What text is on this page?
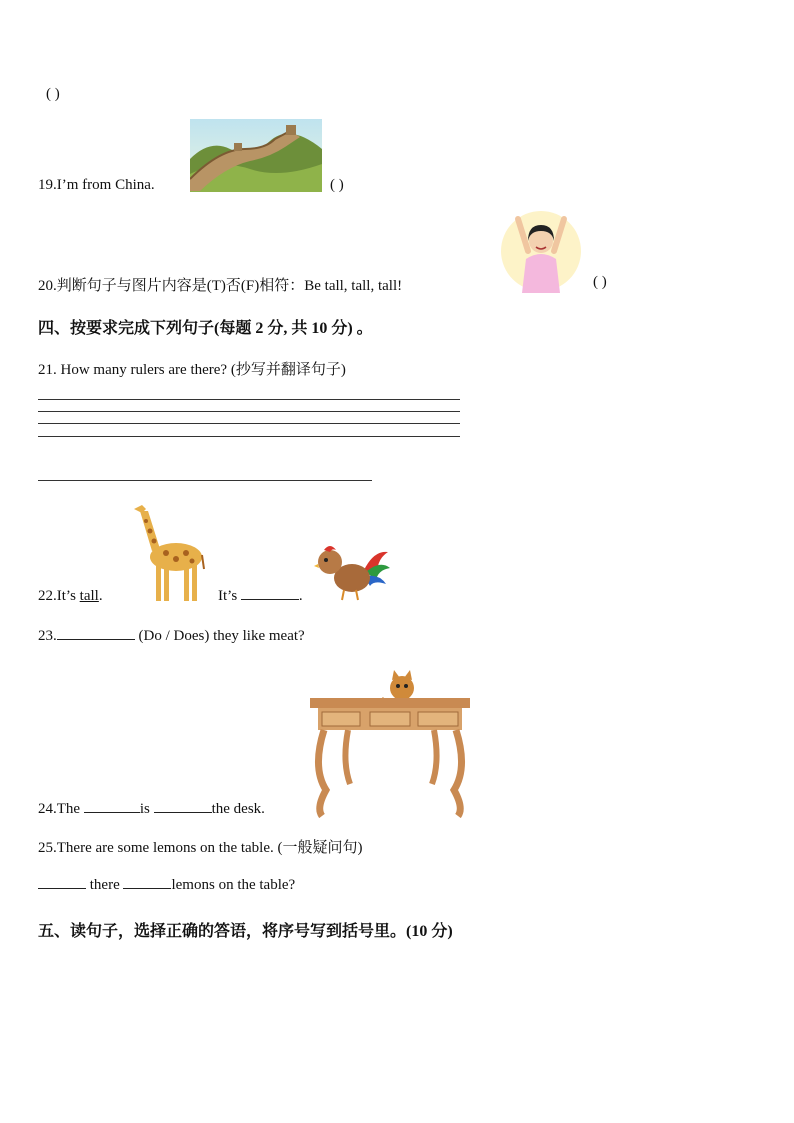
( )
19.I’m from China.	( )
20.判断句子与图片内容是(T)否(F)相符：Be tall, tall, tall!	( )
四、按要求完成下列句子(每题 2 分, 共 10 分) 。
21. How many rulers are there? (抄写并翻译句子)
22.It’s tall.	It’s	.
23.	(Do / Does) they like meat?
24.The	is	the desk.
25.There are some lemons on the table. (一般疑问句)
there	lemons on the table?
五、读句子，选择正确的答语，将序号写到括号里。(10 分)
